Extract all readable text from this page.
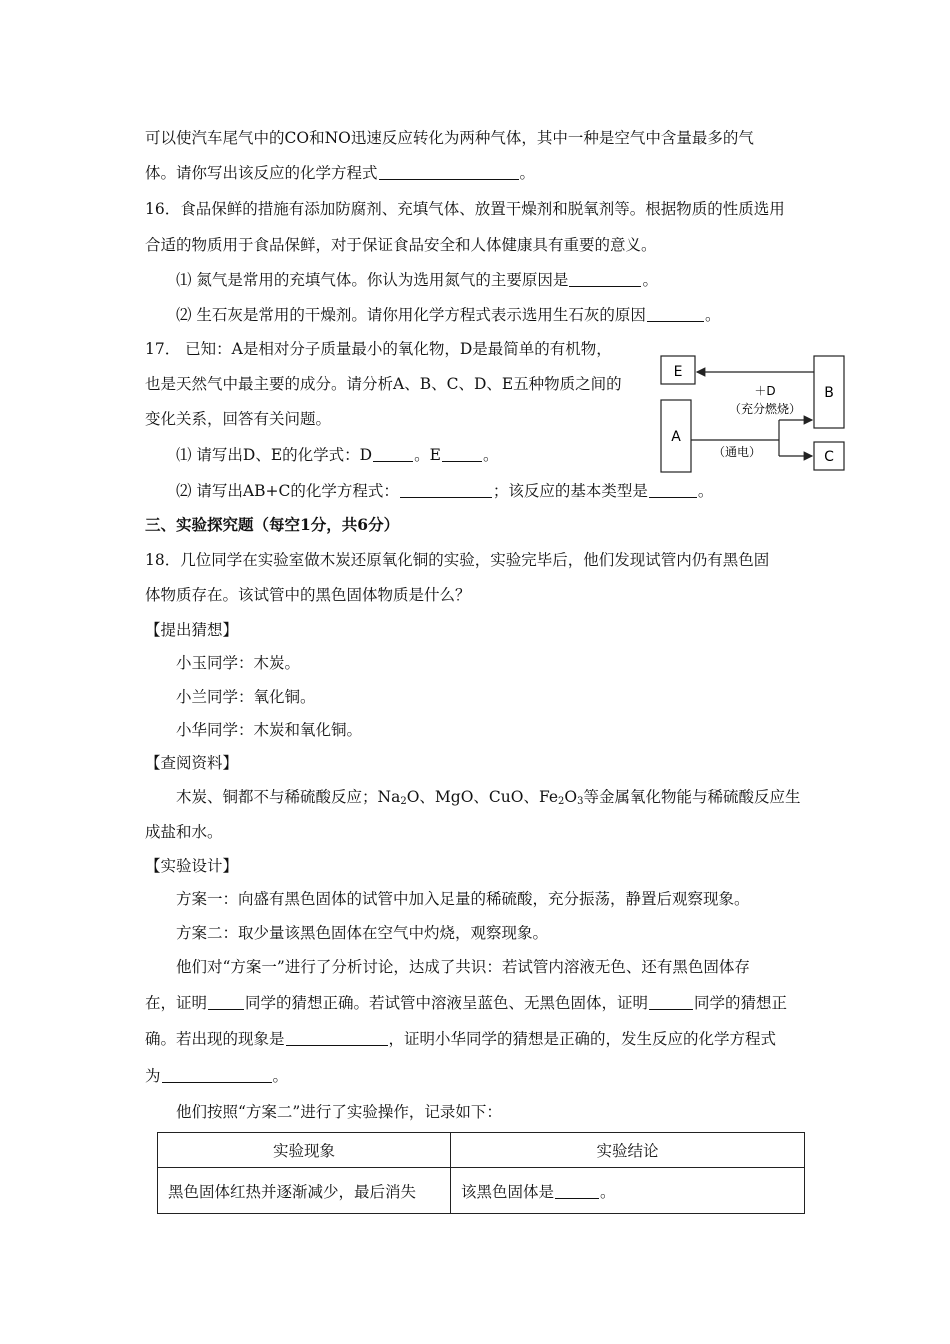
可以使汽车尾气中的CO和NO迅速反应转化为两种气体，其中一种是空气中含量最多的气
体。请你写出该反应的化学方程式	。
16．食品保鲜的措施有添加防腐剂、充填气体、放置干燥剂和脱氧剂等。根据物质的性质选用
合适的物质用于食品保鲜，对于保证食品安全和人体健康具有重要的意义。
⑴ 氮气是常用的充填气体。你认为选用氮气的主要原因是	。
⑵ 生石灰是常用的干燥剂。请你用化学方程式表示选用生石灰的原因	。
17． 已知：A是相对分子质量最小的氧化物，D是最简单的有机物，
也是天然气中最主要的成分。请分析A、B、C、D、E五种物质之间的
变化关系，回答有关问题。
⑴ 请写出D、E的化学式：D	。E	。
⑵ 请写出AB+C的化学方程式：	；该反应的基本类型是	。
E
B
A
C
＋D
（充分燃烧）
（通电）
三、实验探究题（每空1分，共6分）
18．几位同学在实验室做木炭还原氧化铜的实验，实验完毕后，他们发现试管内仍有黑色固
体物质存在。该试管中的黑色固体物质是什么？
【提出猜想】
小玉同学：木炭。
小兰同学：氧化铜。
小华同学：木炭和氧化铜。
【查阅资料】
木炭、铜都不与稀硫酸反应；$Na_2O$、MgO、CuO、$Fe_2O_3$等金属氧化物能与稀硫酸反应生
成盐和水。
【实验设计】
方案一：向盛有黑色固体的试管中加入足量的稀硫酸，充分振荡，静置后观察现象。
方案二：取少量该黑色固体在空气中灼烧，观察现象。
他们对“方案一”进行了分析讨论，达成了共识：若试管内溶液无色、还有黑色固体存
在，证明 同学的猜想正确。若试管中溶液呈蓝色、无黑色固体，证明	同学的猜想正
确。若出现的现象是	，证明小华同学的猜想是正确的，发生反应的化学方程式
为	。
他们按照“方案二”进行了实验操作，记录如下：
实验现象	实验结论
黑色固体红热并逐渐减少，最后消失	该黑色固体是 。
